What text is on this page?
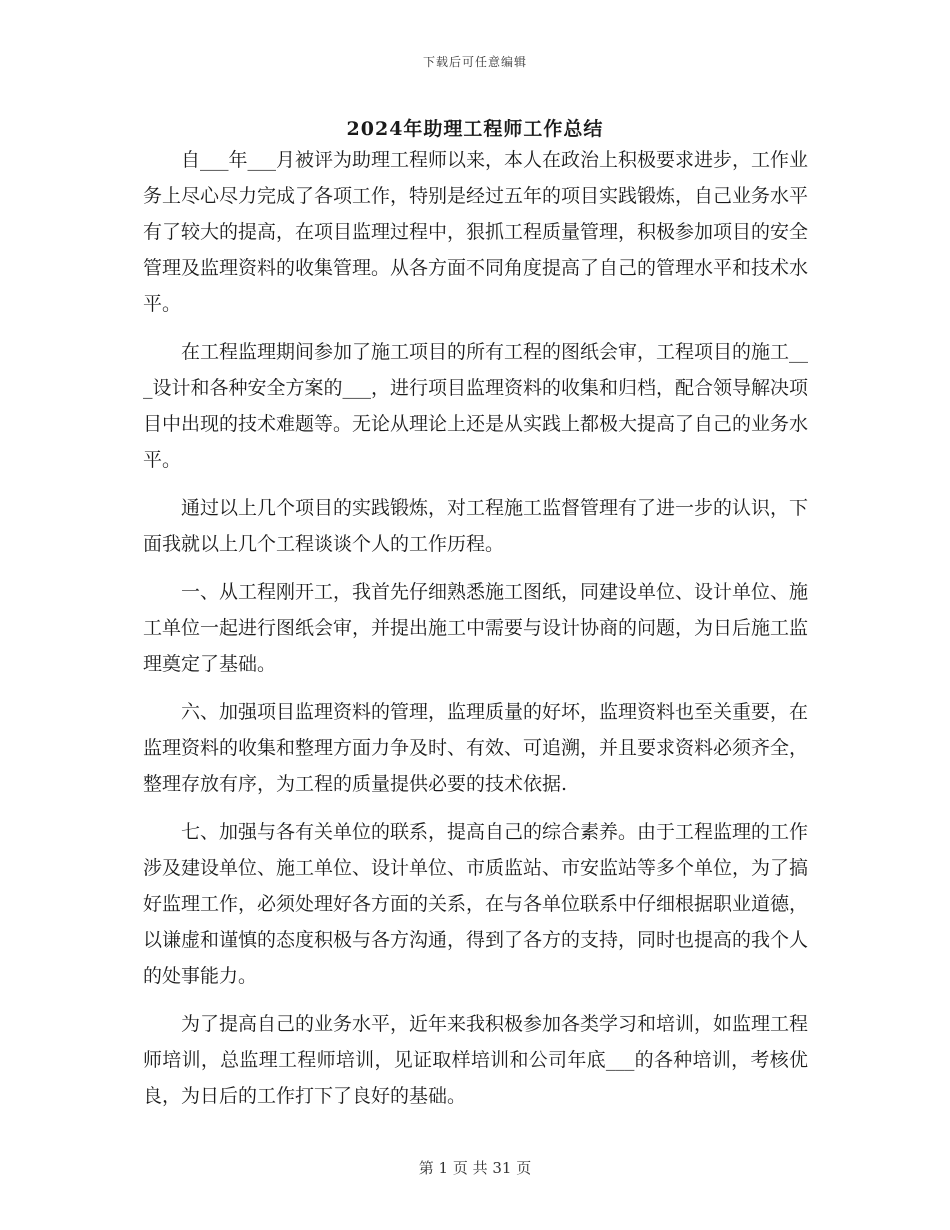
下载后可任意编辑
2024年助理工程师工作总结

自___年___月被评为助理工程师以来，本人在政治上积极要求进步，工作业务上尽心尽力完成了各项工作，特别是经过五年的项目实践锻炼，自己业务水平有了较大的提高，在项目监理过程中，狠抓工程质量管理，积极参加项目的安全管理及监理资料的收集管理。从各方面不同角度提高了自己的管理水平和技术水平。

在工程监理期间参加了施工项目的所有工程的图纸会审，工程项目的施工___设计和各种安全方案的___，进行项目监理资料的收集和归档，配合领导解决项目中出现的技术难题等。无论从理论上还是从实践上都极大提高了自己的业务水平。

通过以上几个项目的实践锻炼，对工程施工监督管理有了进一步的认识，下面我就以上几个工程谈谈个人的工作历程。

一、从工程刚开工，我首先仔细熟悉施工图纸，同建设单位、设计单位、施工单位一起进行图纸会审，并提出施工中需要与设计协商的问题，为日后施工监理奠定了基础。

六、加强项目监理资料的管理，监理质量的好坏，监理资料也至关重要，在监理资料的收集和整理方面力争及时、有效、可追溯，并且要求资料必须齐全，整理存放有序，为工程的质量提供必要的技术依据.

七、加强与各有关单位的联系，提高自己的综合素养。由于工程监理的工作涉及建设单位、施工单位、设计单位、市质监站、市安监站等多个单位，为了搞好监理工作，必须处理好各方面的关系，在与各单位联系中仔细根据职业道德，以谦虚和谨慎的态度积极与各方沟通，得到了各方的支持，同时也提高的我个人的处事能力。

为了提高自己的业务水平，近年来我积极参加各类学习和培训，如监理工程师培训，总监理工程师培训，见证取样培训和公司年底___的各种培训，考核优良，为日后的工作打下了良好的基础。

第 1 页 共 31 页
